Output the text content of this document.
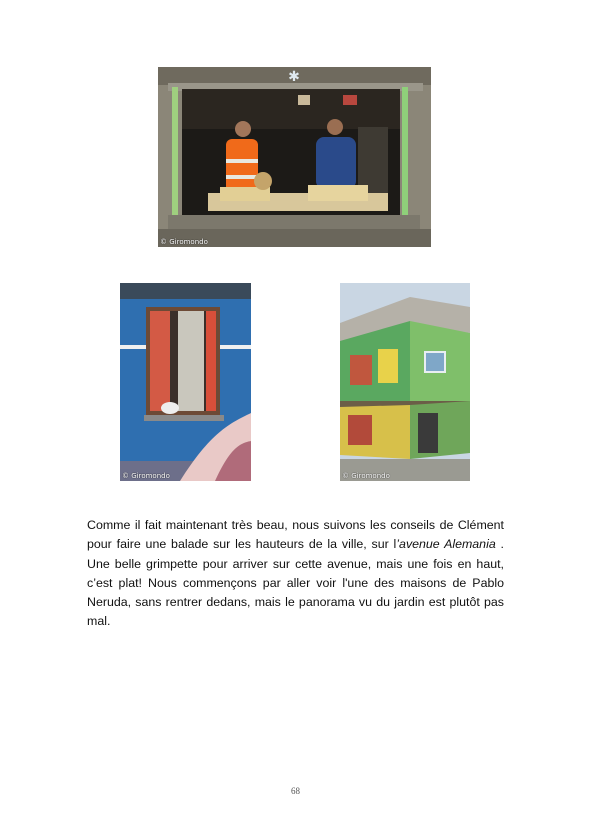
✱
© Giromondo
© Giromondo	© Giromondo

Comme il fait maintenant très beau, nous suivons les conseils de Clément pour faire une balade sur les hauteurs de la ville, sur l’avenue Alemania . Une belle grimpette pour arriver sur cette avenue, mais une fois en haut, c’est plat! Nous commençons par aller voir l'une des maisons de Pablo Neruda, sans rentrer dedans, mais le panorama vu du jardin est plutôt pas mal.

68
